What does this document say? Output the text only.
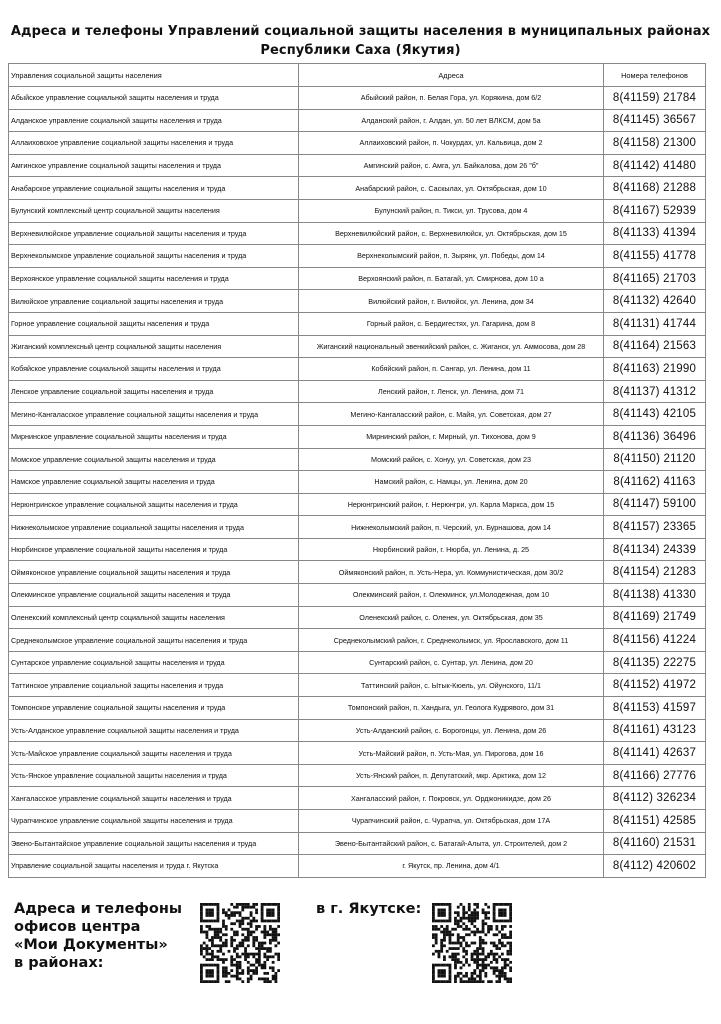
Адреса и телефоны Управлений социальной защиты населения в муниципальных районах
Республики Саха (Якутия)
Управления социальной защиты населения	Адреса	Номера телефонов
Абыйское управление социальной защиты населения и труда	Абыйский район, п. Белая Гора, ул. Корякина, дом 6/2	8(41159) 21784
Алданское управление социальной защиты населения и труда	Алданский район, г. Алдан, ул. 50 лет ВЛКСМ, дом 5а	8(41145) 36567
Аллаиховское управление социальной защиты населения и труда	Аллаиховский район, п. Чокурдах, ул. Кальвица, дом 2	8(41158) 21300
Амгинское управление социальной защиты населения и труда	Амгинский район, с. Амга, ул. Байкалова, дом 26 "б"	8(41142) 41480
Анабарское управление социальной защиты населения и труда	Анабарский район, с. Саскылах, ул. Октябрьская, дом 10	8(41168) 21288
Булунский комплексный центр социальной защиты населения	Булунский район, п. Тикси, ул. Трусова, дом 4	8(41167) 52939
Верхневилюйское управление социальной защиты населения и труда	Верхневилюйский район, с. Верхневилюйск, ул. Октябрьская, дом 15	8(41133) 41394
Верхнеколымское управление социальной защиты населения и труда	Верхнеколымский район, п. Зырянк, ул. Победы, дом 14	8(41155) 41778
Верхоянское управление социальной защиты населения и труда	Верхоянский район, п. Батагай, ул. Смирнова, дом 10 а	8(41165) 21703
Вилюйское управление социальной защиты населения и труда	Вилюйский район, г. Вилюйск, ул. Ленина, дом 34	8(41132) 42640
Горное управление социальной защиты населения и труда	Горный район, с. Бердигестях, ул. Гагарина, дом 8	8(41131) 41744
Жиганский комплексный центр социальной защиты населения	Жиганский национальный эвенкийский район, с. Жиганск, ул. Аммосова, дом 28	8(41164) 21563
Кобяйское управление социальной защиты населения и труда	Кобяйский район, п. Сангар, ул. Ленина, дом 11	8(41163) 21990
Ленское управление социальной защиты населения и труда	Ленский район, г. Ленск, ул. Ленина, дом 71	8(41137) 41312
Мегино-Кангаласское управление социальной защиты населения и труда	Мегино-Кангаласский район, с. Майя, ул. Советская, дом 27	8(41143) 42105
Мирнинское управление социальной защиты населения и труда	Мирнинский район, г. Мирный, ул. Тихонова, дом 9	8(41136) 36496
Момское управление социальной защиты населения и труда	Момский район, с. Хонуу, ул. Советская, дом 23	8(41150) 21120
Намское управление социальной защиты населения и труда	Намский район, с. Намцы, ул. Ленина, дом 20	8(41162) 41163
Нерюнгринское управление социальной защиты населения и труда	Нерюнгринский район, г. Нерюнгри, ул. Карла Маркса, дом 15	8(41147) 59100
Нижнеколымское управление социальной защиты населения и труда	Нижнеколымский район, п. Черский, ул. Бурнашова, дом 14	8(41157) 23365
Нюрбинское управление социальной защиты населения и труда	Нюрбинский район, г. Нюрба, ул. Ленина, д. 25	8(41134) 24339
Оймяконское управление социальной защиты населения и труда	Оймяконский район, п. Усть-Нера, ул. Коммунистическая, дом 30/2	8(41154) 21283
Олекминское управление социальной защиты населения и труда	Олекминский район, г. Олекминск, ул.Молодежная, дом 10	8(41138) 41330
Оленекский комплексный центр социальной защиты населения	Оленекский район, с. Оленек, ул. Октябрьская, дом 35	8(41169) 21749
Среднеколымское управление социальной защиты населения и труда	Среднеколымский район, г. Среднеколымск, ул. Ярославского, дом 11	8(41156) 41224
Сунтарское управление социальной защиты населения и труда	Сунтарский район, с. Сунтар, ул. Ленина, дом 20	8(41135) 22275
Таттинское управление социальной защиты населения и труда	Таттинский район, с. Ытык-Кюель, ул. Ойунского, 11/1	8(41152) 41972
Томпонское управление социальной защиты населения и труда	Томпонский район, п. Хандыга, ул. Геолога Кудрявого, дом 31	8(41153) 41597
Усть-Алданское управление социальной защиты населения и труда	Усть-Алданский район, с. Борогонцы, ул. Ленина, дом 26	8(41161) 43123
Усть-Майское управление социальной защиты населения и труда	Усть-Майский район, п. Усть-Мая, ул. Пирогова, дом 16	8(41141) 42637
Усть-Янское управление социальной защиты населения и труда	Усть-Янский район, п. Депутатский, мкр. Арктика, дом 12	8(41166) 27776
Хангаласское управление социальной защиты населения и труда	Хангаласский район, г. Покровск, ул. Орджоникидзе, дом 26	8(4112) 326234
Чурапчинское управление социальной защиты населения и труда	Чурапчинский район, с. Чурапча, ул. Октябрьская, дом 17А	8(41151) 42585
Эвено-Бытантайское управление социальной защиты населения и труда	Эвено-Бытантайский район, с. Батагай-Алыта, ул. Строителей, дом 2	8(41160) 21531
Управление социальной защиты населения и труда г. Якутска	г. Якутск, пр. Ленина, дом 4/1	8(4112) 420602
Адреса и телефоны
офисов центра
«Мои Документы»
в районах:
в г. Якутске:
